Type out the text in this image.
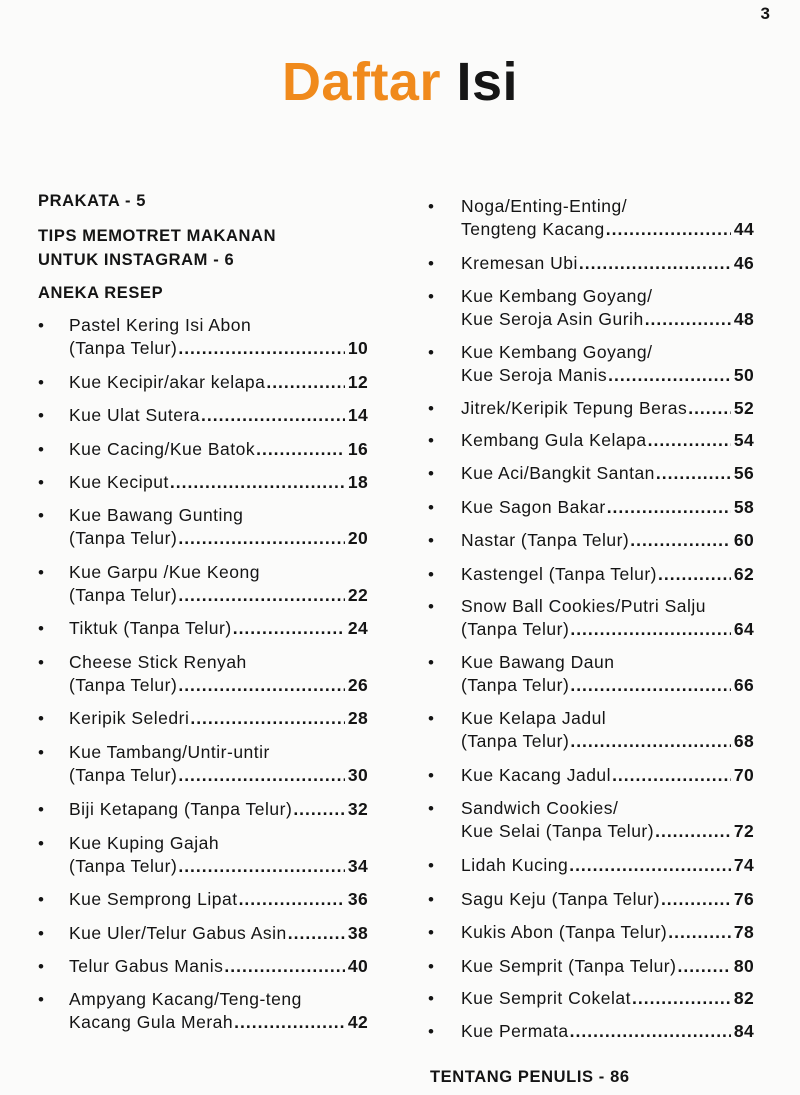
3
Daftar Isi
PRAKATA - 5
TIPS MEMOTRET MAKANAN
UNTUK INSTAGRAM - 6
ANEKA RESEP
•
Pastel Kering Isi Abon
(Tanpa Telur) .....	10
•
Kue Kecipir/akar kelapa .....	12
•
Kue Ulat Sutera .....	14
•
Kue Cacing/Kue Batok .....	16
•
Kue Keciput .....	18
•
Kue Bawang Gunting
(Tanpa Telur) .....	20
•
Kue Garpu /Kue Keong
(Tanpa Telur) .....	22
•
Tiktuk (Tanpa Telur) .....	24
•
Cheese Stick Renyah
(Tanpa Telur) .....	26
•
Keripik Seledri .....	28
•
Kue Tambang/Untir-untir
(Tanpa Telur) .....	30
•
Biji Ketapang (Tanpa Telur) .....	32
•
Kue Kuping Gajah
(Tanpa Telur) .....	34
•
Kue Semprong Lipat .....	36
•
Kue Uler/Telur Gabus Asin .....	38
•
Telur Gabus Manis .....	40
•
Ampyang Kacang/Teng-teng
Kacang Gula Merah .....	42
•
Noga/Enting-Enting/
Tengteng Kacang .....	44
•
Kremesan Ubi .....	46
•
Kue Kembang Goyang/
Kue Seroja Asin Gurih .....	48
•
Kue Kembang Goyang/
Kue Seroja Manis .....	50
•
Jitrek/Keripik Tepung Beras .....	52
•
Kembang Gula Kelapa .....	54
•
Kue Aci/Bangkit Santan .....	56
•
Kue Sagon Bakar .....	58
•
Nastar (Tanpa Telur) .....	60
•
Kastengel (Tanpa Telur) .....	62
•
Snow Ball Cookies/Putri Salju
(Tanpa Telur) .....	64
•
Kue Bawang Daun
(Tanpa Telur) .....	66
•
Kue Kelapa Jadul
(Tanpa Telur) .....	68
•
Kue Kacang Jadul .....	70
•
Sandwich Cookies/
Kue Selai (Tanpa Telur) .....	72
•
Lidah Kucing .....	74
•
Sagu Keju (Tanpa Telur) .....	76
•
Kukis Abon (Tanpa Telur) .....	78
•
Kue Semprit (Tanpa Telur) .....	80
•
Kue Semprit Cokelat .....	82
•
Kue Permata .....	84
TENTANG PENULIS - 86
